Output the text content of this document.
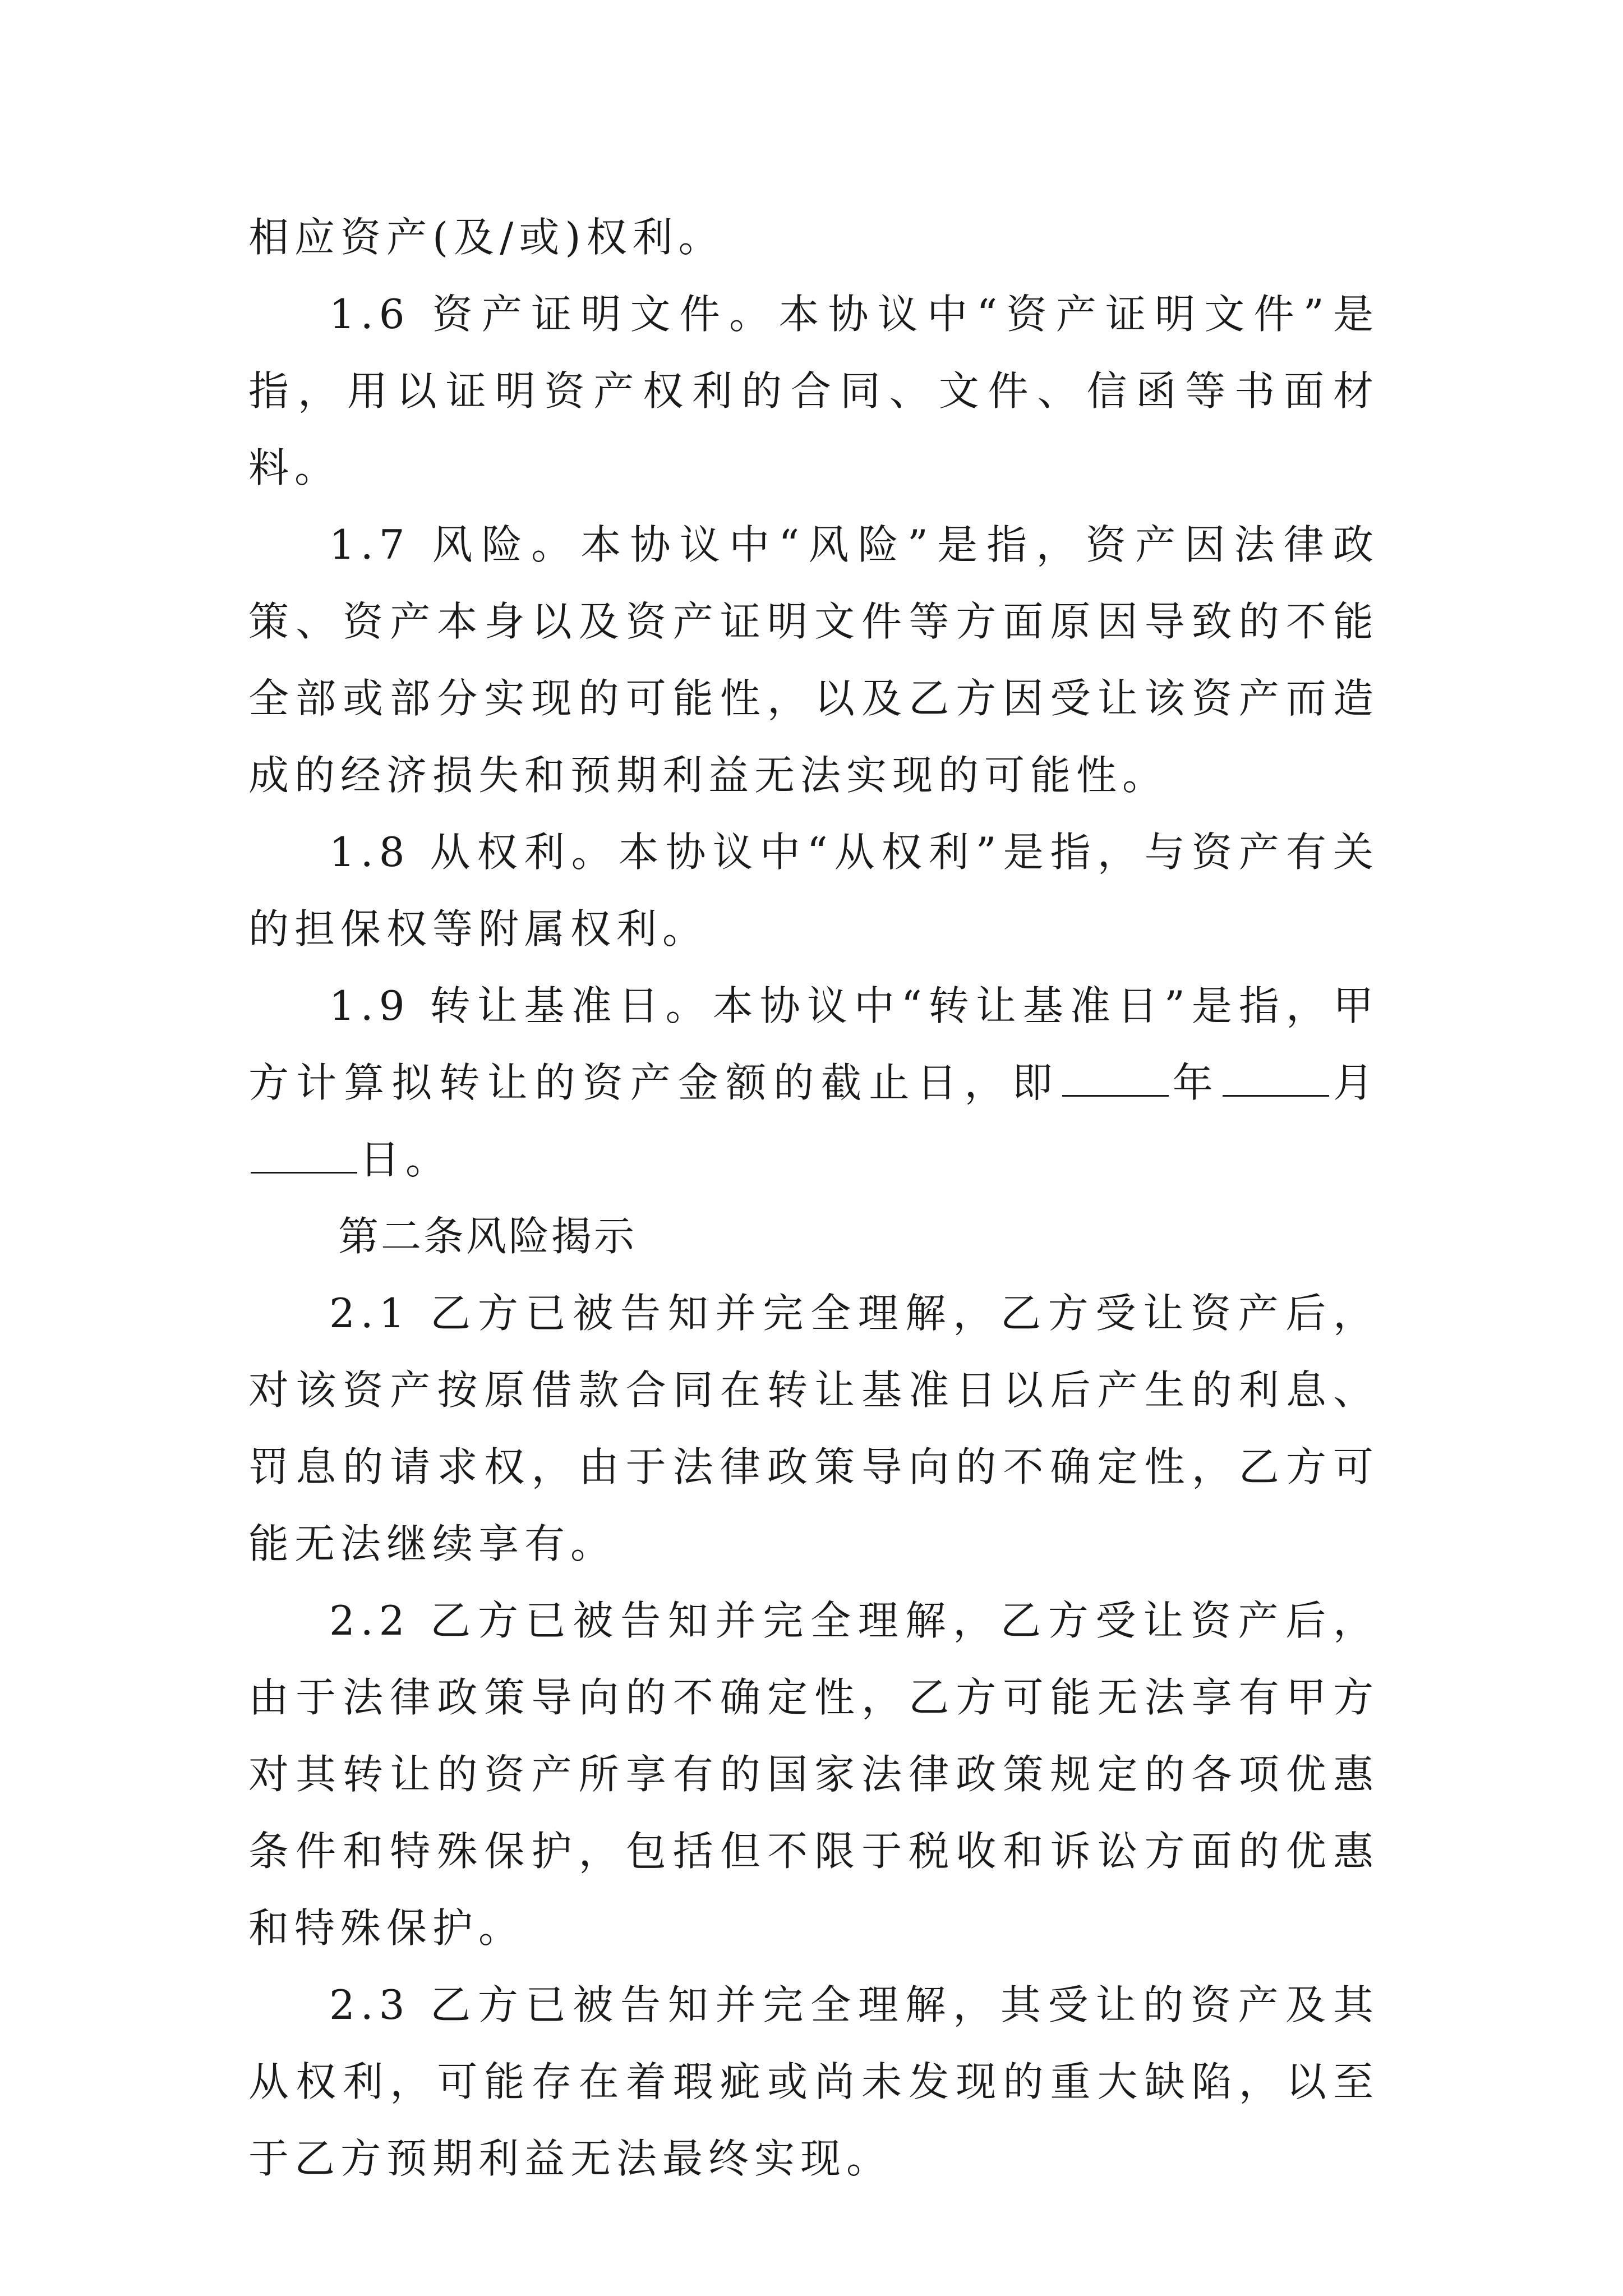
相应资产(及/或)权利。

1.6 资产证明文件。本协议中“资产证明文件”是指，用以证明资产权利的合同、文件、信函等书面材料。

1.7 风险。本协议中“风险”是指，资产因法律政策、资产本身以及资产证明文件等方面原因导致的不能全部或部分实现的可能性，以及乙方因受让该资产而造成的经济损失和预期利益无法实现的可能性。

1.8 从权利。本协议中“从权利”是指，与资产有关的担保权等附属权利。

1.9 转让基准日。本协议中“转让基准日”是指，甲方计算拟转让的资产金额的截止日，即	年	月日。

第二条风险揭示

2.1 乙方已被告知并完全理解，乙方受让资产后，对该资产按原借款合同在转让基准日以后产生的利息、罚息的请求权，由于法律政策导向的不确定性，乙方可能无法继续享有。

2.2 乙方已被告知并完全理解，乙方受让资产后，由于法律政策导向的不确定性，乙方可能无法享有甲方对其转让的资产所享有的国家法律政策规定的各项优惠条件和特殊保护，包括但不限于税收和诉讼方面的优惠和特殊保护。

2.3 乙方已被告知并完全理解，其受让的资产及其从权利，可能存在着瑕疵或尚未发现的重大缺陷，以至于乙方预期利益无法最终实现。
